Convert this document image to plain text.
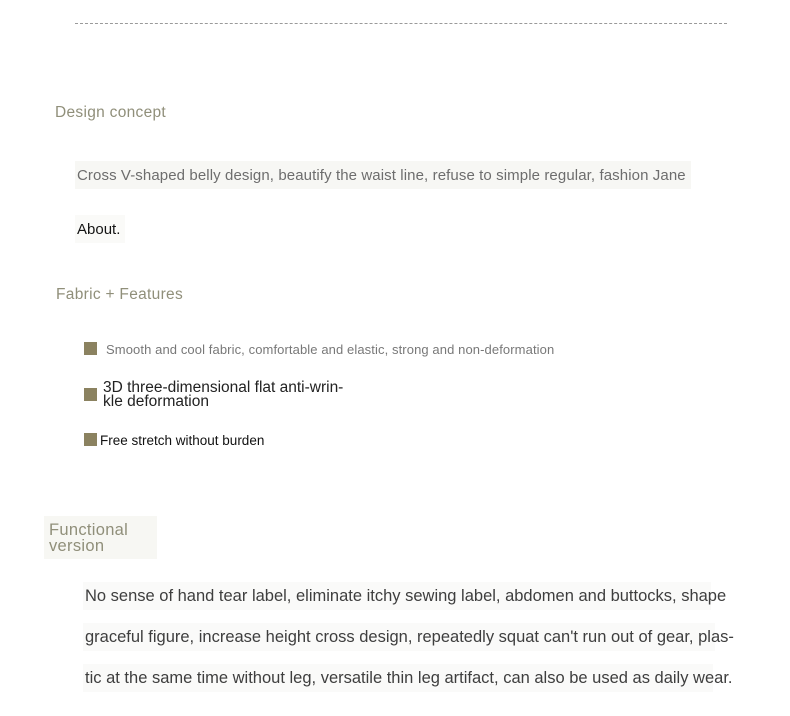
Design concept
Cross V-shaped belly design, beautify the waist line, refuse to simple regular, fashion Jane
About.
Fabric + Features
Smooth and cool fabric, comfortable and elastic, strong and non-deformation
3D three-dimensional flat anti-wrin-
kle deformation
Free stretch without burden
Functional
version
No sense of hand tear label, eliminate itchy sewing label, abdomen and buttocks, shape
graceful figure, increase height cross design, repeatedly squat can't run out of gear, plas-
tic at the same time without leg, versatile thin leg artifact, can also be used as daily wear.
